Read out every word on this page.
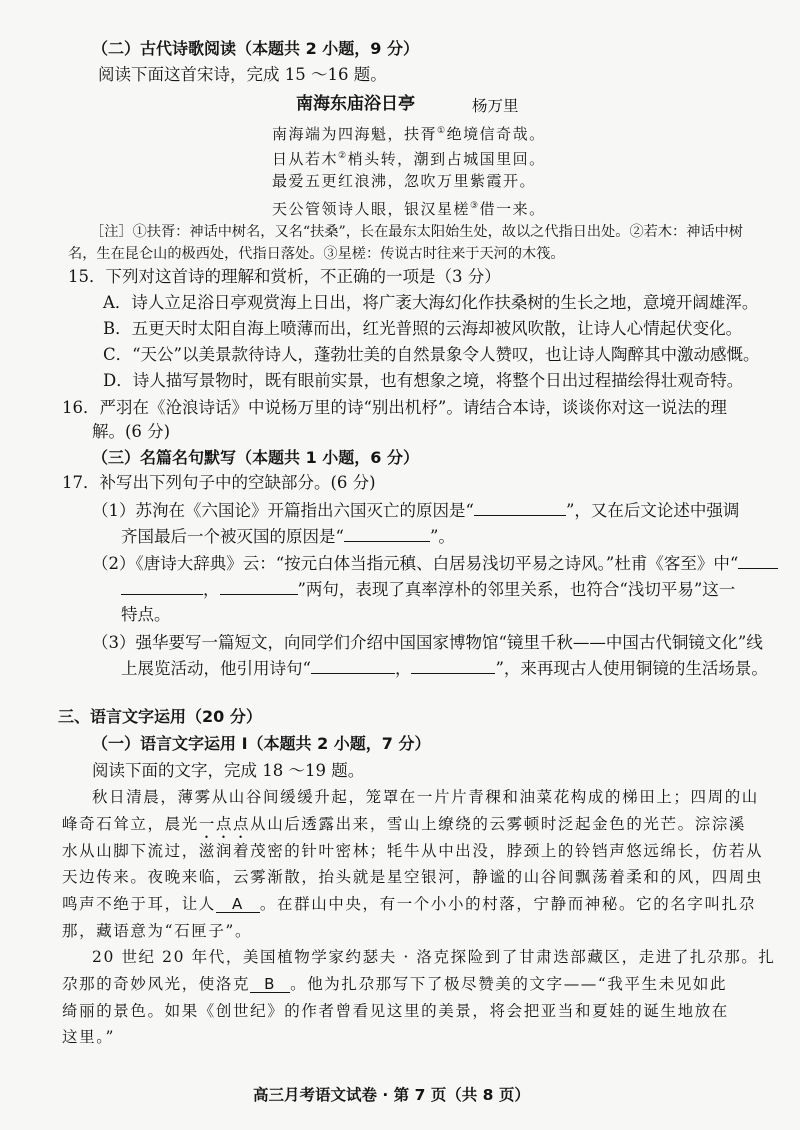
（二）古代诗歌阅读（本题共 2 小题，9 分）
阅读下面这首宋诗，完成 15 ～16 题。
南海东庙浴日亭	杨万里
南海端为四海魁，扶胥①绝境信奇哉。
日从若木②梢头转，潮到占城国里回。
最爱五更红浪沸，忽吹万里紫霞开。
天公管领诗人眼，银汉星槎③借一来。
［注］①扶胥：神话中树名，又名“扶桑”，长在最东太阳始生处，故以之代指日出处。②若木：神话中树
名，生在昆仑山的极西处，代指日落处。③星槎：传说古时往来于天河的木筏。
15．下列对这首诗的理解和赏析，不正确的一项是（3 分）
A．诗人立足浴日亭观赏海上日出，将广袤大海幻化作扶桑树的生长之地，意境开阔雄浑。
B．五更天时太阳自海上喷薄而出，红光普照的云海却被风吹散，让诗人心情起伏变化。
C．“天公”以美景款待诗人，蓬勃壮美的自然景象令人赞叹，也让诗人陶醉其中激动感慨。
D．诗人描写景物时，既有眼前实景，也有想象之境，将整个日出过程描绘得壮观奇特。
16．严羽在《沧浪诗话》中说杨万里的诗“别出机杼”。请结合本诗，谈谈你对这一说法的理
解。(6 分)
（三）名篇名句默写（本题共 1 小题，6 分）
17．补写出下列句子中的空缺部分。(6 分)
（1）苏洵在《六国论》开篇指出六国灭亡的原因是“	”，又在后文论述中强调
齐国最后一个被灭国的原因是“	”。
（2）《唐诗大辞典》云：“按元白体当指元稹、白居易浅切平易之诗风。”杜甫《客至》中“
，	”两句，表现了真率淳朴的邻里关系，也符合“浅切平易”这一
特点。
（3）强华要写一篇短文，向同学们介绍中国国家博物馆“镜里千秋——中国古代铜镜文化”线
上展览活动，他引用诗句“	，	”，来再现古人使用铜镜的生活场景。
三、语言文字运用（20 分）
（一）语言文字运用 Ⅰ（本题共 2 小题，7 分）
阅读下面的文字，完成 18 ～19 题。
秋日清晨，薄雾从山谷间缓缓升起，笼罩在一片片青稞和油菜花构成的梯田上；四周的山
峰奇石耸立，晨光一点点从山后透露出来，雪山上缭绕的云雾顿时泛起金色的光芒。淙淙溪
水从山脚下流过，滋润着茂密的针叶密林；牦牛从中出没，脖颈上的铃铛声悠远绵长，仿若从
天边传来。夜晚来临，云雾渐散，抬头就是星空银河，静谧的山谷间飘荡着柔和的风，四周虫
鸣声不绝于耳，让人 A 。在群山中央，有一个小小的村落，宁静而神秘。它的名字叫扎尕
那，藏语意为“石匣子”。
20 世纪 20 年代，美国植物学家约瑟夫 · 洛克探险到了甘肃迭部藏区，走进了扎尕那。扎
尕那的奇妙风光，使洛克 B 。他为扎尕那写下了极尽赞美的文字——“我平生未见如此
绮丽的景色。如果《创世纪》的作者曾看见这里的美景，将会把亚当和夏娃的诞生地放在
这里。”
高三月考语文试卷 · 第 7 页（共 8 页）
